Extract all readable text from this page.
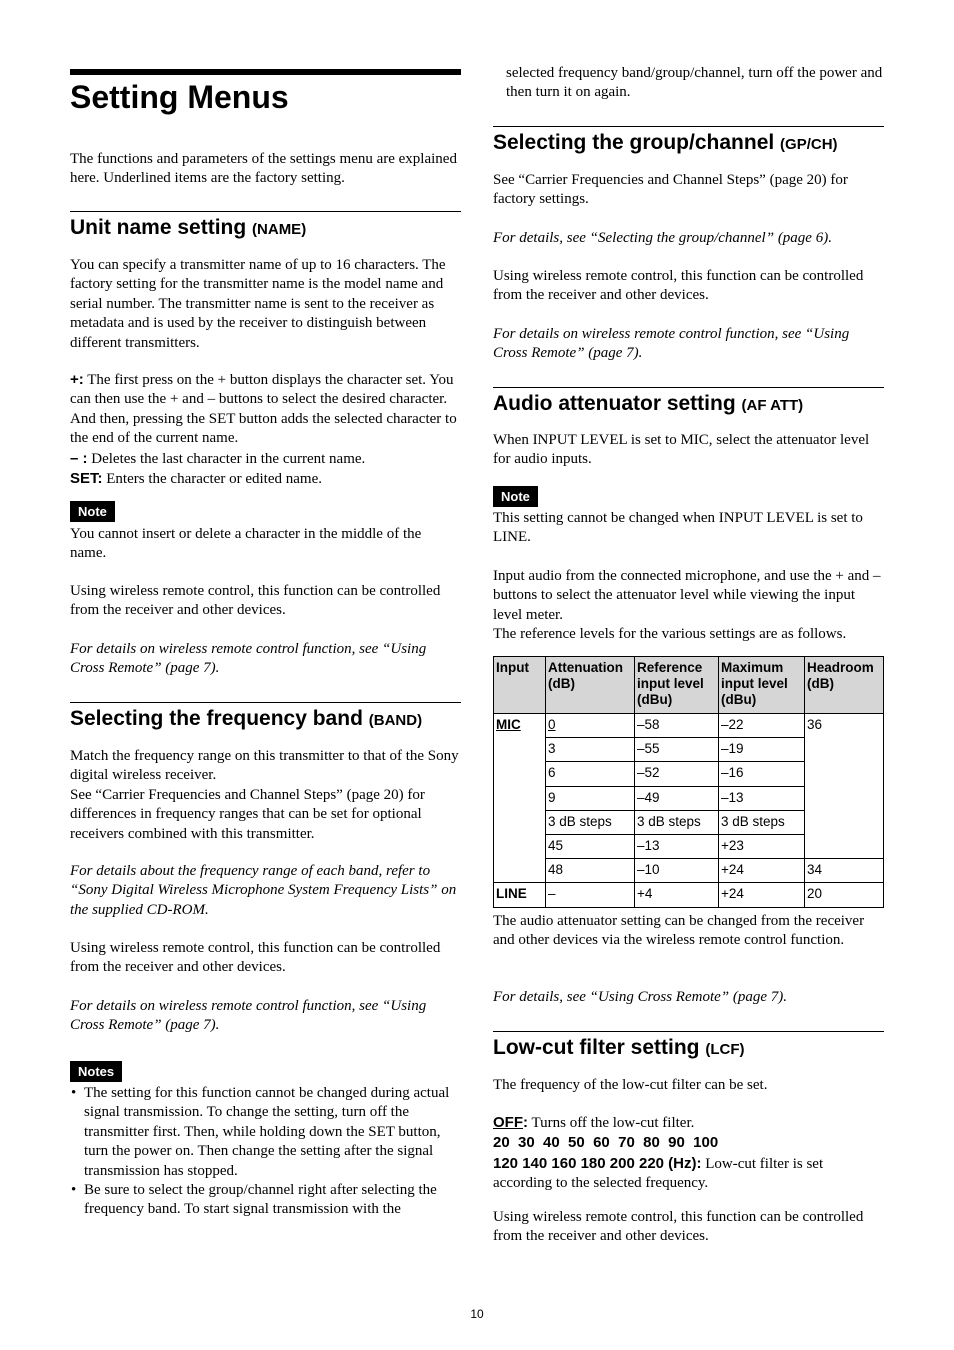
Setting Menus

The functions and parameters of the settings menu are explained here. Underlined items are the factory setting.

Unit name setting (NAME)

You can specify a transmitter name of up to 16 characters. The factory setting for the transmitter name is the model name and serial number. The transmitter name is sent to the receiver as metadata and is used by the receiver to distinguish between different transmitters.

+: The first press on the + button displays the character set. You can then use the + and – buttons to select the desired character. And then, pressing the SET button adds the selected character to the end of the current name.
– : Deletes the last character in the current name.
SET: Enters the character or edited name.

Note

You cannot insert or delete a character in the middle of the name.

Using wireless remote control, this function can be controlled from the receiver and other devices.

For details on wireless remote control function, see “Using Cross Remote” (page 7).

Selecting the frequency band (BAND)

Match the frequency range on this transmitter to that of the Sony digital wireless receiver.
See “Carrier Frequencies and Channel Steps” (page 20) for differences in frequency ranges that can be set for optional receivers combined with this transmitter.

For details about the frequency range of each band, refer to “Sony Digital Wireless Microphone System Frequency Lists” on the supplied CD-ROM.

Using wireless remote control, this function can be controlled from the receiver and other devices.

For details on wireless remote control function, see “Using Cross Remote” (page 7).

Notes
• The setting for this function cannot be changed during actual signal transmission. To change the setting, turn off the transmitter first. Then, while holding down the SET button, turn the power on. Then change the setting after the signal transmission has stopped.
• Be sure to select the group/channel right after selecting the frequency band. To start signal transmission with the

selected frequency band/group/channel, turn off the power and then turn it on again.

Selecting the group/channel (GP/CH)

See “Carrier Frequencies and Channel Steps” (page 20) for factory settings.

For details, see “Selecting the group/channel” (page 6).

Using wireless remote control, this function can be controlled from the receiver and other devices.

For details on wireless remote control function, see “Using Cross Remote” (page 7).

Audio attenuator setting (AF ATT)

When INPUT LEVEL is set to MIC, select the attenuator level for audio inputs.

Note

This setting cannot be changed when INPUT LEVEL is set to LINE.

Input audio from the connected microphone, and use the + and – buttons to select the attenuator level while viewing the input level meter.
The reference levels for the various settings are as follows.

Input	Attenuation (dB)	Reference input level (dBu)	Maximum input level (dBu)	Headroom (dB)
MIC	0	–58	–22	36
	3	–55	–19	
	6	–52	–16	
	9	–49	–13	
	3 dB steps	3 dB steps	3 dB steps	
	45	–13	+23	
	48	–10	+24	34
LINE	–	+4	+24	20

The audio attenuator setting can be changed from the receiver and other devices via the wireless remote control function.

For details, see “Using Cross Remote” (page 7).

Low-cut filter setting (LCF)

The frequency of the low-cut filter can be set.

OFF: Turns off the low-cut filter.
20  30  40  50  60  70  80  90  100
120 140 160 180 200 220 (Hz): Low-cut filter is set according to the selected frequency.

Using wireless remote control, this function can be controlled from the receiver and other devices.

10
